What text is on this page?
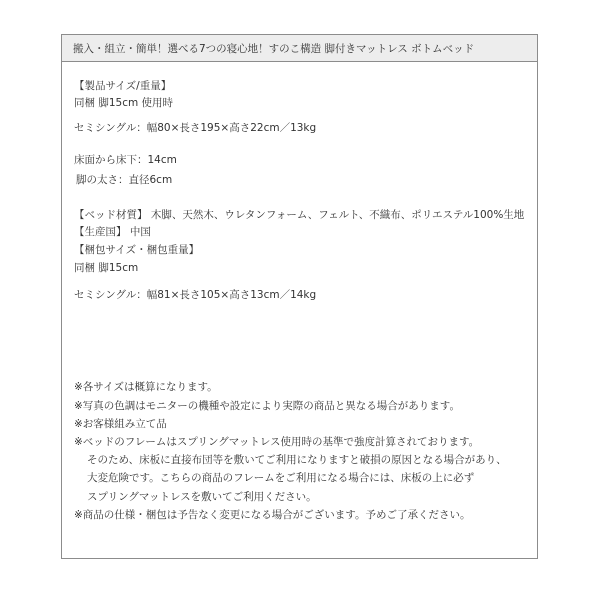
搬入・組立・簡単！選べる7つの寝心地！すのこ構造 脚付きマットレス ボトムベッド
【製品サイズ/重量】
同梱 脚15cm 使用時
セミシングル：幅80×長さ195×高さ22cm／13kg
床面から床下：14cm
脚の太さ：直径6cm
【ベッド材質】 木脚、天然木、ウレタンフォーム、フェルト、不織布、ポリエステル100%生地
【生産国】 中国
【梱包サイズ・梱包重量】
同梱 脚15cm
セミシングル：幅81×長さ105×高さ13cm／14kg
※各サイズは概算になります。
※写真の色調はモニターの機種や設定により実際の商品と異なる場合があります。
※お客様組み立て品
※ベッドのフレームはスプリングマットレス使用時の基準で強度計算されております。
そのため、床板に直接布団等を敷いてご利用になりますと破損の原因となる場合があり、
大変危険です。こちらの商品のフレームをご利用になる場合には、床板の上に必ず
スプリングマットレスを敷いてご利用ください。
※商品の仕様・梱包は予告なく変更になる場合がございます。予めご了承ください。
